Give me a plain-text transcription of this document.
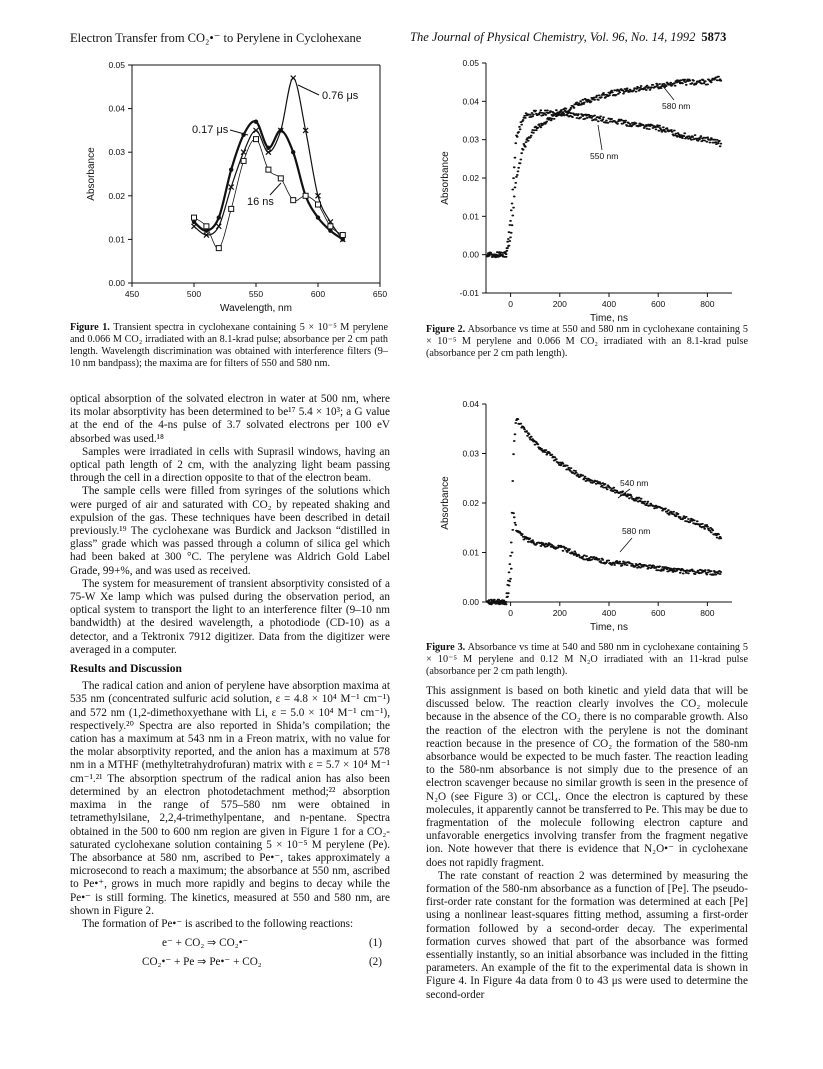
Electron Transfer from CO₂•⁻ to Perylene in Cyclohexane	The Journal of Physical Chemistry, Vol. 96, No. 14, 1992 5873
0.00
0.01
0.02
0.03
0.04
0.05
450	500	550	600	650
Wavelength, nm
Absorbance
0.76 μs
0.17 μs
16 ns
Figure 1. Transient spectra in cyclohexane containing 5 × 10⁻⁵ M perylene and 0.066 M CO₂ irradiated with an 8.1-krad pulse; absorbance per 2 cm path length. Wavelength discrimination was obtained with interference filters (9–10 nm bandpass); the maxima are for filters of 550 and 580 nm.
-0.01
0.00
0.01
0.02
0.03
0.04
0.05
0	200	400	600	800
Time, ns
Absorbance
580 nm
550 nm
Figure 2. Absorbance vs time at 550 and 580 nm in cyclohexane containing 5 × 10⁻⁵ M perylene and 0.066 M CO₂ irradiated with an 8.1-krad pulse (absorbance per 2 cm path length).
0.00
0.01
0.02
0.03
0.04
0	200	400	600	800
Time, ns
Absorbance	540 nm
580 nm
Figure 3. Absorbance vs time at 540 and 580 nm in cyclohexane containing 5 × 10⁻⁵ M perylene and 0.12 M N₂O irradiated with an 11-krad pulse (absorbance per 2 cm path length).

optical absorption of the solvated electron in water at 500 nm, where its molar absorptivity has been determined to be¹⁷ 5.4 × 10³; a G value at the end of the 4-ns pulse of 3.7 solvated electrons per 100 eV absorbed was used.¹⁸

Samples were irradiated in cells with Suprasil windows, having an optical path length of 2 cm, with the analyzing light beam passing through the cell in a direction opposite to that of the electron beam.

The sample cells were filled from syringes of the solutions which were purged of air and saturated with CO₂ by repeated shaking and expulsion of the gas. These techniques have been described in detail previously.¹⁹ The cyclohexane was Burdick and Jackson “distilled in glass” grade which was passed through a column of silica gel which had been baked at 300 °C. The perylene was Aldrich Gold Label Grade, 99+%, and was used as received.

The system for measurement of transient absorptivity consisted of a 75-W Xe lamp which was pulsed during the observation period, an optical system to transport the light to an interference filter (9–10 nm bandwidth) at the desired wavelength, a photodiode (CD-10) as a detector, and a Tektronix 7912 digitizer. Data from the digitizer were averaged in a computer.

Results and Discussion

The radical cation and anion of perylene have absorption maxima at 535 nm (concentrated sulfuric acid solution, ε = 4.8 × 10⁴ M⁻¹ cm⁻¹) and 572 nm (1,2-dimethoxyethane with Li, ε = 5.0 × 10⁴ M⁻¹ cm⁻¹), respectively.²⁰ Spectra are also reported in Shida’s compilation; the cation has a maximum at 543 nm in a Freon matrix, with no value for the molar absorptivity reported, and the anion has a maximum at 578 nm in a MTHF (methyltetrahydrofuran) matrix with ε = 5.7 × 10⁴ M⁻¹ cm⁻¹.²¹ The absorption spectrum of the radical anion has also been determined by an electron photodetachment method;²² absorption maxima in the range of 575–580 nm were obtained in tetramethylsilane, 2,2,4-trimethylpentane, and n-pentane. Spectra obtained in the 500 to 600 nm region are given in Figure 1 for a CO₂-saturated cyclohexane solution containing 5 × 10⁻⁵ M perylene (Pe). The absorbance at 580 nm, ascribed to Pe•⁻, takes approximately a microsecond to reach a maximum; the absorbance at 550 nm, ascribed to Pe•⁺, grows in much more rapidly and begins to decay while the Pe•⁻ is still forming. The kinetics, measured at 550 and 580 nm, are shown in Figure 2.

The formation of Pe•⁻ is ascribed to the following reactions:

e⁻ + CO₂ ⇒ CO₂•⁻	(1)
CO₂•⁻ + Pe ⇒ Pe•⁻ + CO₂	(2)

This assignment is based on both kinetic and yield data that will be discussed below. The reaction clearly involves the CO₂ molecule because in the absence of the CO₂ there is no comparable growth. Also the reaction of the electron with the perylene is not the dominant reaction because in the presence of CO₂ the formation of the 580-nm absorbance would be expected to be much faster. The reaction leading to the 580-nm absorbance is not simply due to the presence of an electron scavenger because no similar growth is seen in the presence of N₂O (see Figure 3) or CCl₄. Once the electron is captured by these molecules, it apparently cannot be transferred to Pe. This may be due to fragmentation of the molecule following electron capture and unfavorable energetics involving transfer from the fragment negative ion. Note however that there is evidence that N₂O•⁻ in cyclohexane does not rapidly fragment.

The rate constant of reaction 2 was determined by measuring the formation of the 580-nm absorbance as a function of [Pe]. The pseudo-first-order rate constant for the formation was determined at each [Pe] using a nonlinear least-squares fitting method, assuming a first-order formation followed by a second-order decay. The experimental formation curves showed that part of the absorbance was formed essentially instantly, so an initial absorbance was included in the fitting parameters. An example of the fit to the experimental data is shown in Figure 4. In Figure 4a data from 0 to 43 μs were used to determine the second-order
